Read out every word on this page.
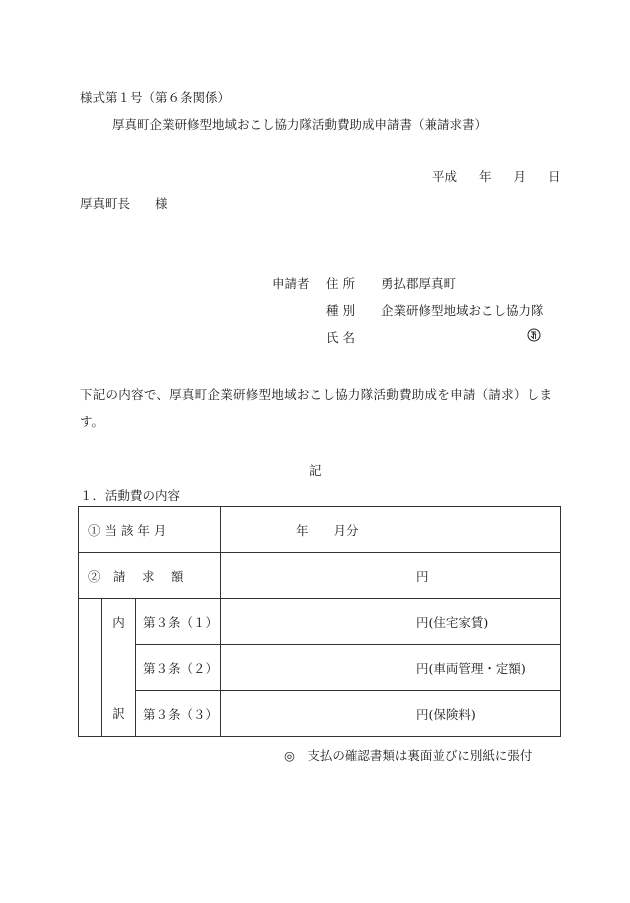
様式第１号（第６条関係）
厚真町企業研修型地域おこし協力隊活動費助成申請書（兼請求書）
平成 年 月 日
厚真町長　　様
申請者 住 所 勇払郡厚真町
種 別 企業研修型地域おこし協力隊
氏 名
下記の内容で、厚真町企業研修型地域おこし協力隊活動費助成を申請（請求）します。
記
１．活動費の内容
① 当 該 年 月			年　　月分
②　請　 求　 額			円
	内	第３条（１）	円(住宅家賃)
		第３条（２）	円(車両管理・定額)
	訳	第３条（３）	円(保険料)
◎　支払の確認書類は裏面並びに別紙に張付
